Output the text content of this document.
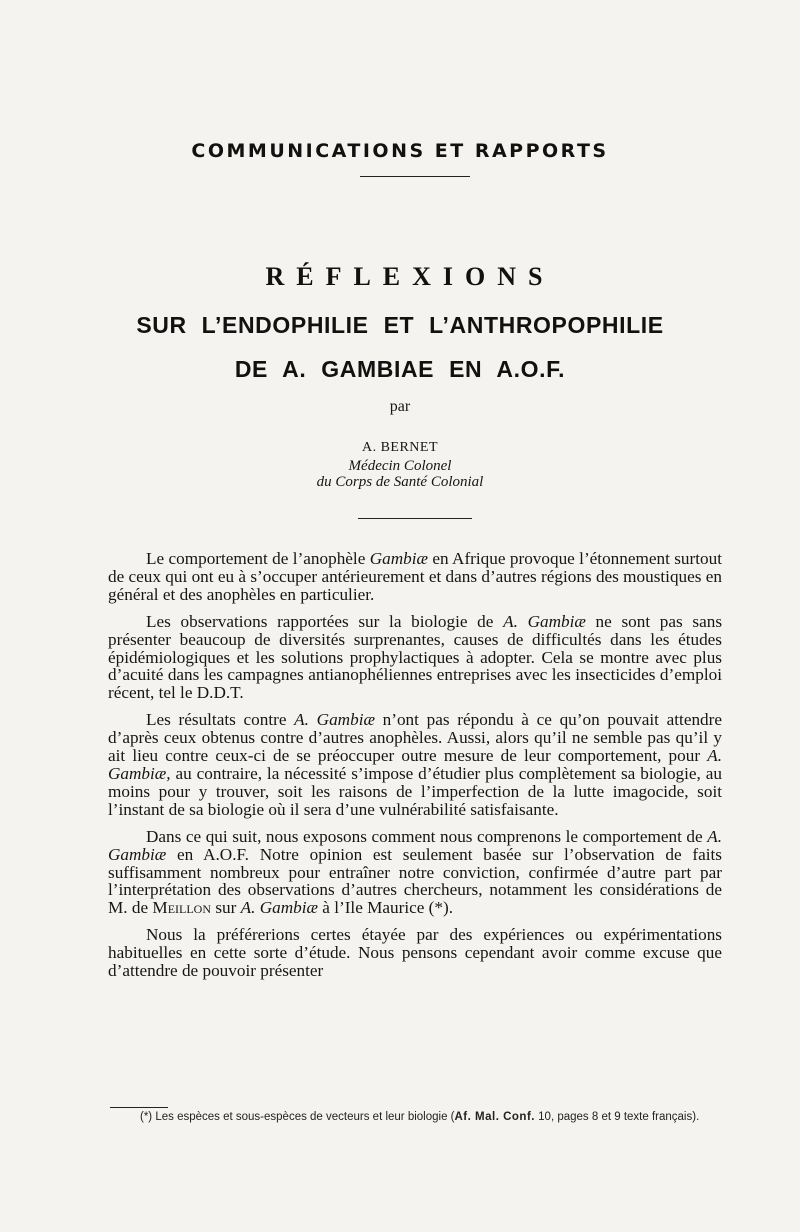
COMMUNICATIONS ET RAPPORTS
RÉFLEXIONS
SUR L’ENDOPHILIE ET L’ANTHROPOPHILIE
DE A. GAMBIAE EN A.O.F.
par
A. BERNET
Médecin Colonel
du Corps de Santé Colonial

Le comportement de l’anophèle Gambiæ en Afrique provoque l’étonnement surtout de ceux qui ont eu à s’occuper antérieurement et dans d’autres régions des moustiques en général et des anophèles en particulier.

Les observations rapportées sur la biologie de A. Gambiæ ne sont pas sans présenter beaucoup de diversités surprenantes, causes de difficultés dans les études épidémiologiques et les solutions prophylactiques à adopter. Cela se montre avec plus d’acuité dans les campagnes antianophéliennes entreprises avec les insecticides d’emploi récent, tel le D.D.T.

Les résultats contre A. Gambiæ n’ont pas répondu à ce qu’on pouvait attendre d’après ceux obtenus contre d’autres anophèles. Aussi, alors qu’il ne semble pas qu’il y ait lieu contre ceux-ci de se préoccuper outre mesure de leur comportement, pour A. Gambiæ, au contraire, la nécessité s’impose d’étudier plus complètement sa biologie, au moins pour y trouver, soit les raisons de l’imperfection de la lutte imagocide, soit l’instant de sa biologie où il sera d’une vulnérabilité satisfaisante.

Dans ce qui suit, nous exposons comment nous comprenons le comportement de A. Gambiæ en A.O.F. Notre opinion est seulement basée sur l’observation de faits suffisamment nombreux pour entraîner notre conviction, confirmée d’autre part par l’interprétation des observations d’autres chercheurs, notamment les considérations de M. de Meillon sur A. Gambiæ à l’Ile Maurice (*).

Nous la préférerions certes étayée par des expériences ou expérimentations habituelles en cette sorte d’étude. Nous pensons cependant avoir comme excuse que d’attendre de pouvoir présenter

(*) Les espèces et sous-espèces de vecteurs et leur biologie (Af. Mal. Conf. 10, pages 8 et 9 texte français).
